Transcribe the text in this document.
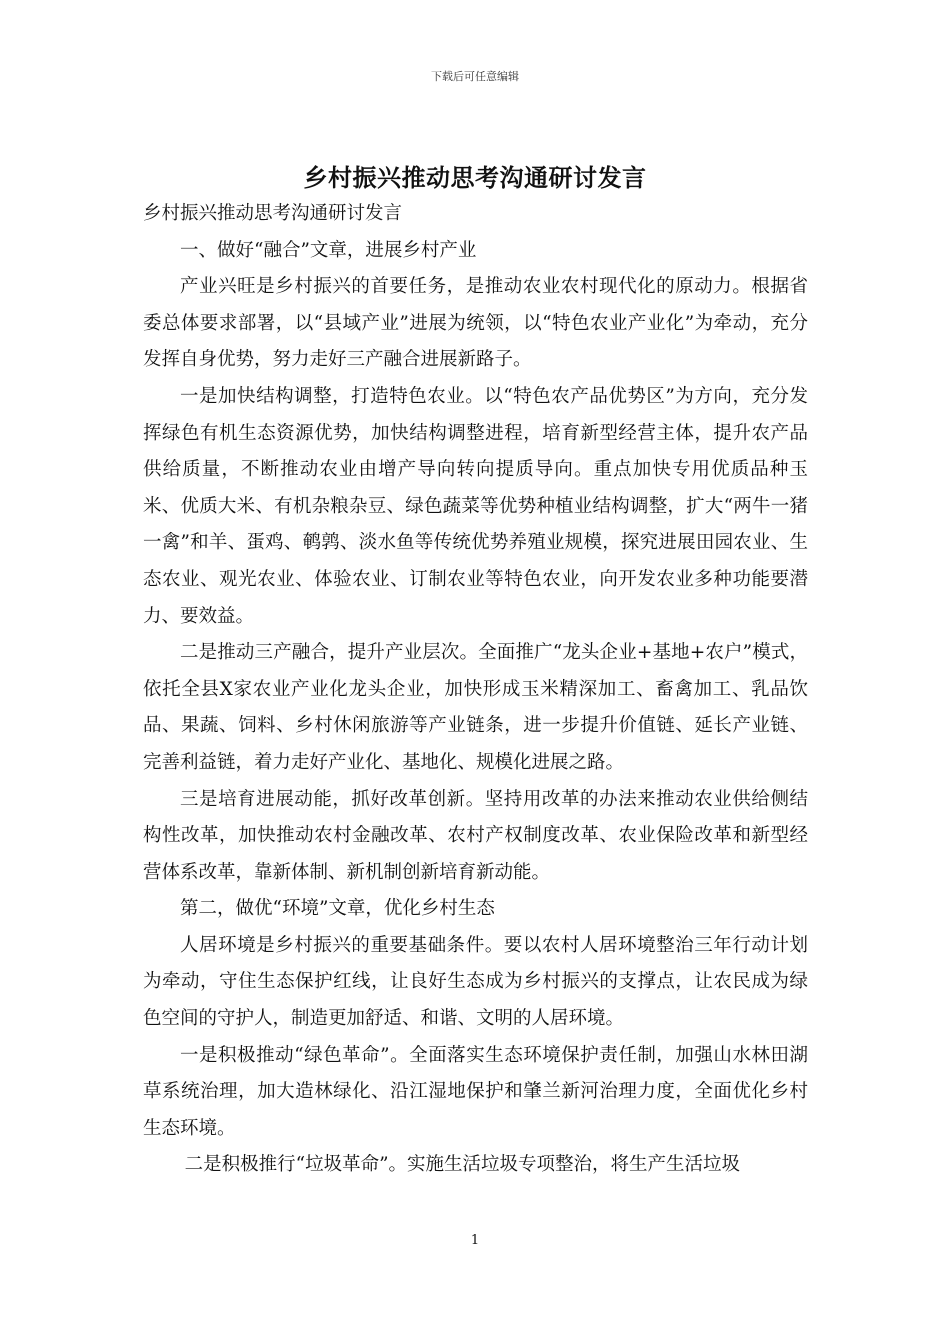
下载后可任意编辑
乡村振兴推动思考沟通研讨发言

乡村振兴推动思考沟通研讨发言

一、做好“融合”文章，进展乡村产业

产业兴旺是乡村振兴的首要任务，是推动农业农村现代化的原动力。根据省委总体要求部署，以“县域产业”进展为统领，以“特色农业产业化”为牵动，充分发挥自身优势，努力走好三产融合进展新路子。

一是加快结构调整，打造特色农业。以“特色农产品优势区”为方向，充分发挥绿色有机生态资源优势，加快结构调整进程，培育新型经营主体，提升农产品供给质量，不断推动农业由增产导向转向提质导向。重点加快专用优质品种玉米、优质大米、有机杂粮杂豆、绿色蔬菜等优势种植业结构调整，扩大“两牛一猪一禽”和羊、蛋鸡、鹌鹑、淡水鱼等传统优势养殖业规模，探究进展田园农业、生态农业、观光农业、体验农业、订制农业等特色农业，向开发农业多种功能要潜力、要效益。

二是推动三产融合，提升产业层次。全面推广“龙头企业+基地+农户”模式，依托全县X家农业产业化龙头企业，加快形成玉米精深加工、畜禽加工、乳品饮品、果蔬、饲料、乡村休闲旅游等产业链条，进一步提升价值链、延长产业链、完善利益链，着力走好产业化、基地化、规模化进展之路。

三是培育进展动能，抓好改革创新。坚持用改革的办法来推动农业供给侧结构性改革，加快推动农村金融改革、农村产权制度改革、农业保险改革和新型经营体系改革，靠新体制、新机制创新培育新动能。

第二，做优“环境”文章，优化乡村生态

人居环境是乡村振兴的重要基础条件。要以农村人居环境整治三年行动计划为牵动，守住生态保护红线，让良好生态成为乡村振兴的支撑点，让农民成为绿色空间的守护人，制造更加舒适、和谐、文明的人居环境。

一是积极推动“绿色革命”。全面落实生态环境保护责任制，加强山水林田湖草系统治理，加大造林绿化、沿江湿地保护和肇兰新河治理力度，全面优化乡村生态环境。

二是积极推行“垃圾革命”。实施生活垃圾专项整治，将生产生活垃圾

1
